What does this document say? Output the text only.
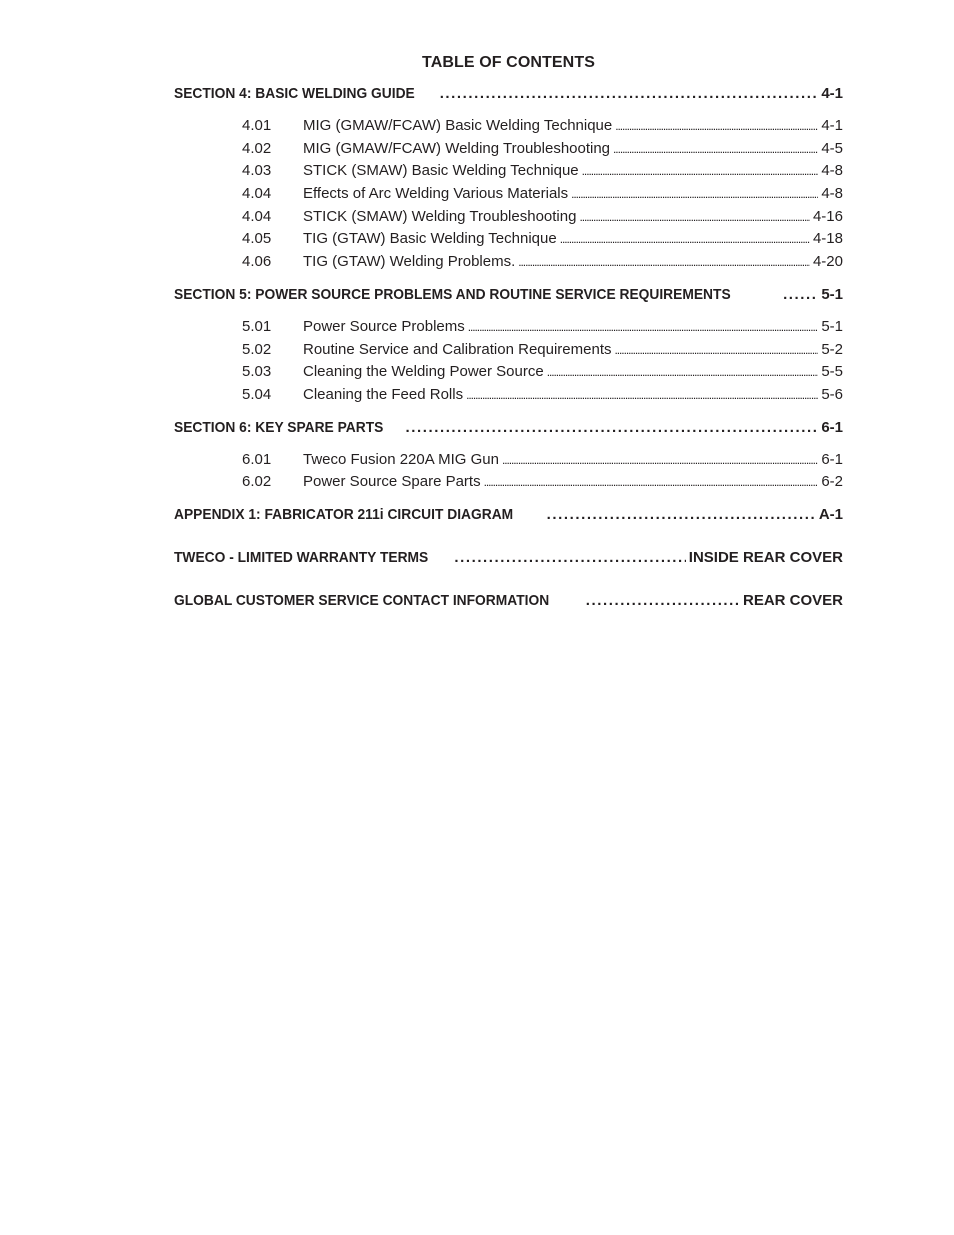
TABLE OF CONTENTS
SECTION 4: BASIC WELDING GUIDE . . .	4-1
4.01	MIG (GMAW/FCAW) Basic Welding Technique . . .	4-1
4.02	MIG (GMAW/FCAW) Welding Troubleshooting . . .	4-5
4.03	STICK (SMAW) Basic Welding Technique . . .	4-8
4.04	Effects of Arc Welding Various Materials . . .	4-8
4.04	STICK (SMAW) Welding Troubleshooting . . .	4-16
4.05	TIG (GTAW) Basic Welding Technique . . .	4-18
4.06	TIG (GTAW) Welding Problems. . . .	4-20
SECTION 5: POWER SOURCE PROBLEMS AND ROUTINE SERVICE REQUIREMENTS . . .	5-1
5.01	Power Source Problems . . .	5-1
5.02	Routine Service and Calibration Requirements . . .	5-2
5.03	Cleaning the Welding Power Source . . .	5-5
5.04	Cleaning the Feed Rolls . . .	5-6
SECTION 6: KEY SPARE PARTS . . .	6-1
6.01	Tweco Fusion 220A MIG Gun . . .	6-1
6.02	Power Source Spare Parts . . .	6-2
APPENDIX 1: FABRICATOR 211i CIRCUIT DIAGRAM . . .	A-1
TWECO - LIMITED WARRANTY TERMS . . .	INSIDE REAR COVER
GLOBAL CUSTOMER SERVICE CONTACT INFORMATION . . .	REAR COVER
